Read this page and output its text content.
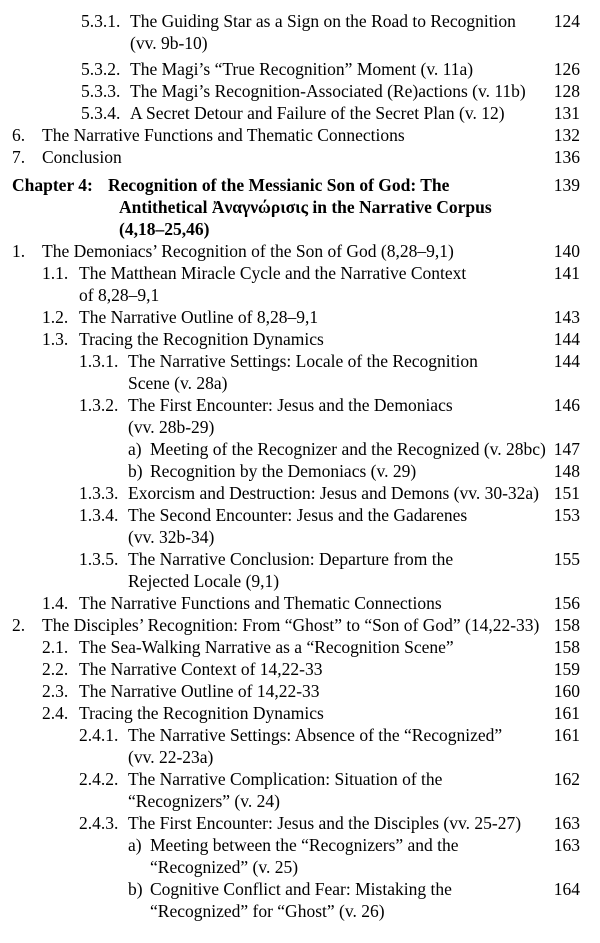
5.3.1. The Guiding Star as a Sign on the Road to Recognition
(vv. 9b-10)
124
5.3.2. The Magi’s “True Recognition” Moment (v. 11a)	126
5.3.3. The Magi’s Recognition-Associated (Re)actions (v. 11b) 128
5.3.4. A Secret Detour and Failure of the Secret Plan (v. 12)	131
6. The Narrative Functions and Thematic Connections	132
7. Conclusion	136
Chapter 4: Recognition of the Messianic Son of God: The
Antithetical Ἀναγνώρισις in the Narrative Corpus
(4,18–25,46)
139
1. The Demoniacs’ Recognition of the Son of God (8,28–9,1)	140
1.1. The Matthean Miracle Cycle and the Narrative Context
of 8,28–9,1
141
1.2. The Narrative Outline of 8,28–9,1	143
1.3. Tracing the Recognition Dynamics	144
1.3.1. The Narrative Settings: Locale of the Recognition
Scene (v. 28a)
144
1.3.2. The First Encounter: Jesus and the Demoniacs
(vv. 28b-29)
146
a) Meeting of the Recognizer and the Recognized (v. 28bc) 147
b) Recognition by the Demoniacs (v. 29)	148
1.3.3. Exorcism and Destruction: Jesus and Demons (vv. 30-32a) 151
1.3.4. The Second Encounter: Jesus and the Gadarenes
(vv. 32b-34)
153
1.3.5. The Narrative Conclusion: Departure from the
Rejected Locale (9,1)
155
1.4. The Narrative Functions and Thematic Connections	156
2. The Disciples’ Recognition: From “Ghost” to “Son of God” (14,22-33) 158
2.1. The Sea-Walking Narrative as a “Recognition Scene”	158
2.2. The Narrative Context of 14,22-33	159
2.3. The Narrative Outline of 14,22-33	160
2.4. Tracing the Recognition Dynamics	161
2.4.1. The Narrative Settings: Absence of the “Recognized”
(vv. 22-23a)
161
2.4.2. The Narrative Complication: Situation of the
“Recognizers” (v. 24)
162
2.4.3. The First Encounter: Jesus and the Disciples (vv. 25-27) 163
a) Meeting between the “Recognizers” and the
“Recognized” (v. 25)
163
b) Cognitive Conflict and Fear: Mistaking the
“Recognized” for “Ghost” (v. 26)
164
